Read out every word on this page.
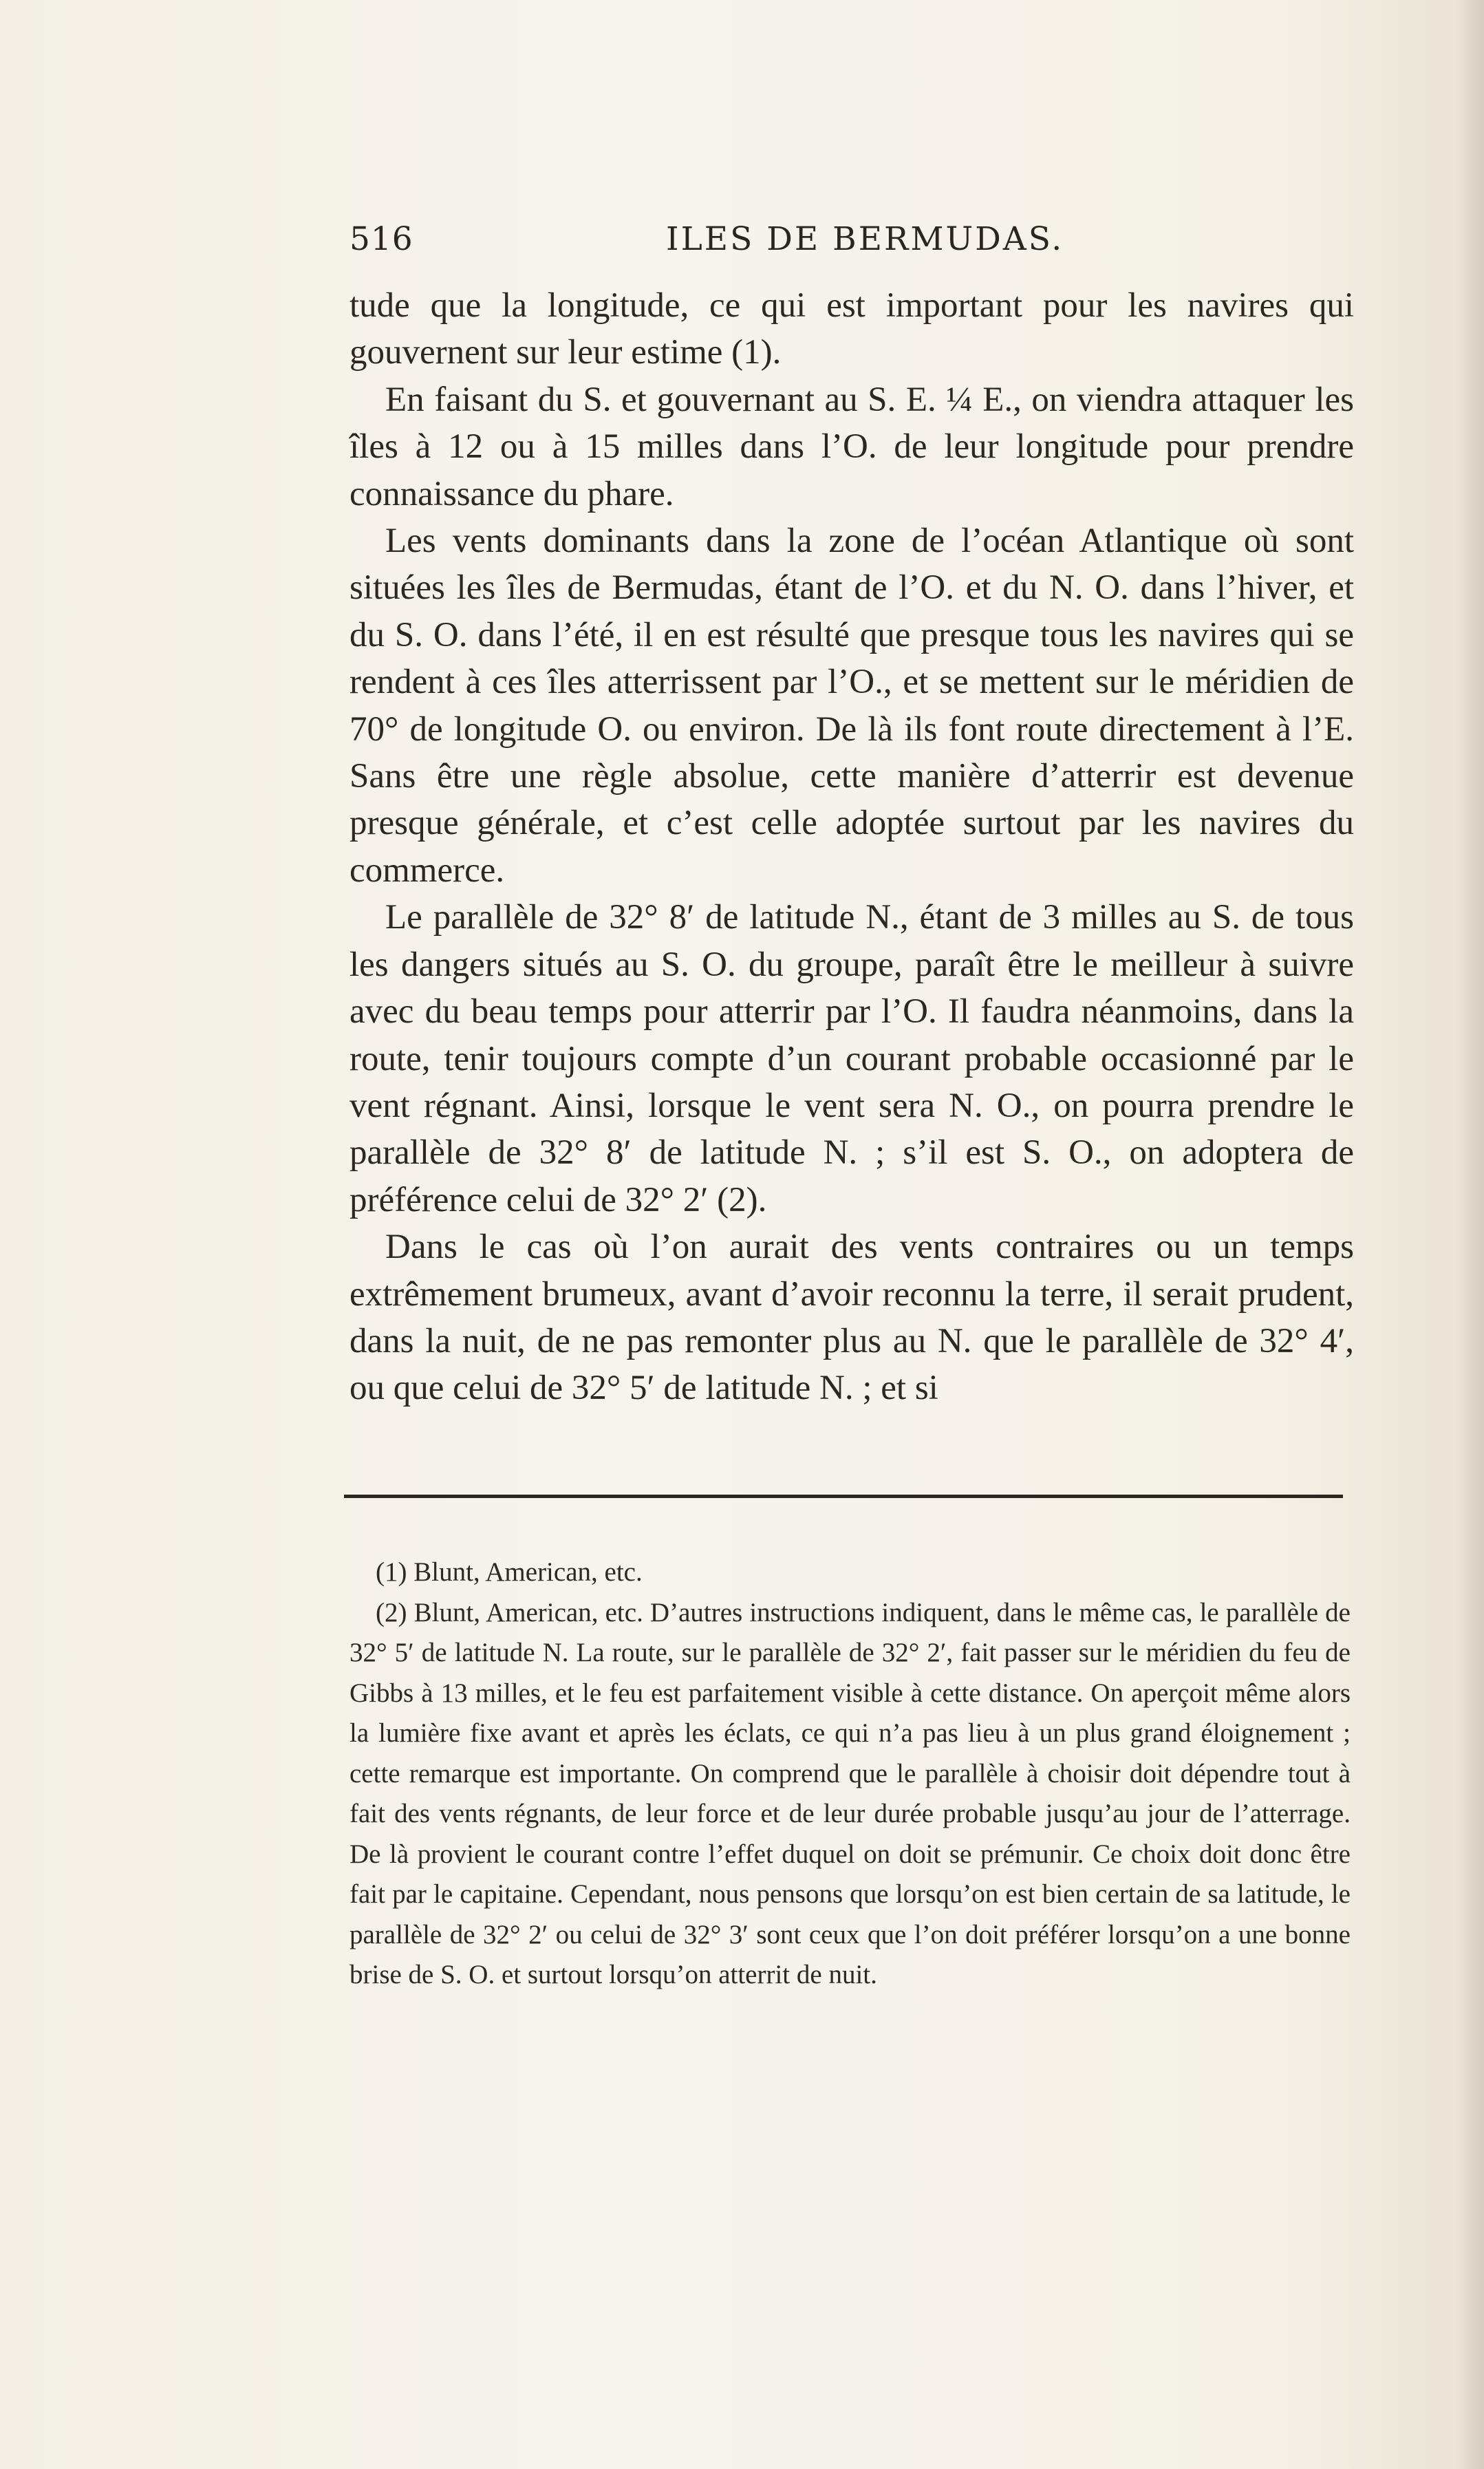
516	ILES DE BERMUDAS.

tude que la longitude, ce qui est important pour les navires qui gouvernent sur leur estime (1).

En faisant du S. et gouvernant au S. E. ¼ E., on viendra attaquer les îles à 12 ou à 15 milles dans l’O. de leur longitude pour prendre connaissance du phare.

Les vents dominants dans la zone de l’océan Atlantique où sont situées les îles de Bermudas, étant de l’O. et du N. O. dans l’hiver, et du S. O. dans l’été, il en est résulté que presque tous les navires qui se rendent à ces îles atterrissent par l’O., et se mettent sur le méridien de 70° de longitude O. ou environ. De là ils font route directement à l’E. Sans être une règle absolue, cette manière d’atterrir est devenue presque générale, et c’est celle adoptée surtout par les navires du commerce.

Le parallèle de 32° 8′ de latitude N., étant de 3 milles au S. de tous les dangers situés au S. O. du groupe, paraît être le meilleur à suivre avec du beau temps pour atterrir par l’O. Il faudra néanmoins, dans la route, tenir toujours compte d’un courant probable occasionné par le vent régnant. Ainsi, lorsque le vent sera N. O., on pourra prendre le parallèle de 32° 8′ de latitude N. ; s’il est S. O., on adoptera de préférence celui de 32° 2′ (2).

Dans le cas où l’on aurait des vents contraires ou un temps extrêmement brumeux, avant d’avoir reconnu la terre, il serait prudent, dans la nuit, de ne pas remonter plus au N. que le parallèle de 32° 4′, ou que celui de 32° 5′ de latitude N. ; et si

(1) Blunt, American, etc.

(2) Blunt, American, etc. D’autres instructions indiquent, dans le même cas, le parallèle de 32° 5′ de latitude N. La route, sur le parallèle de 32° 2′, fait passer sur le méridien du feu de Gibbs à 13 milles, et le feu est parfaitement visible à cette distance. On aperçoit même alors la lumière fixe avant et après les éclats, ce qui n’a pas lieu à un plus grand éloignement ; cette remarque est importante. On comprend que le parallèle à choisir doit dépendre tout à fait des vents régnants, de leur force et de leur durée probable jusqu’au jour de l’atterrage. De là provient le courant contre l’effet duquel on doit se prémunir. Ce choix doit donc être fait par le capitaine. Cependant, nous pensons que lorsqu’on est bien certain de sa latitude, le parallèle de 32° 2′ ou celui de 32° 3′ sont ceux que l’on doit préférer lorsqu’on a une bonne brise de S. O. et surtout lorsqu’on atterrit de nuit.
